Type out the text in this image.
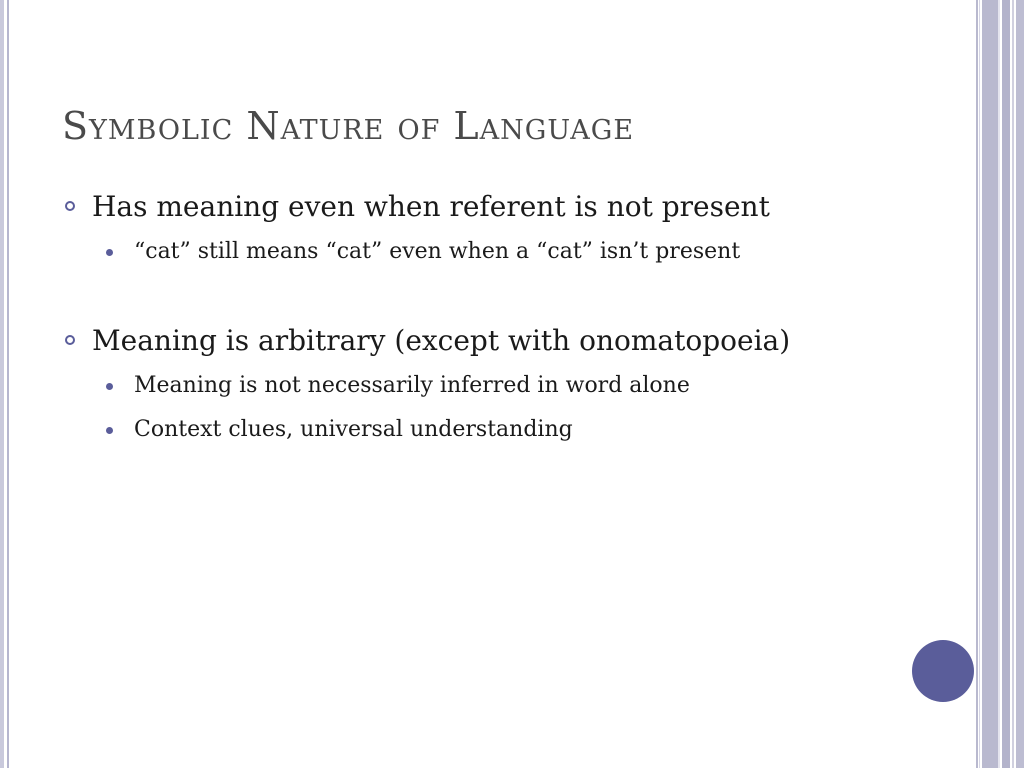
Symbolic Nature of Language
Has meaning even when referent is not present
“cat” still means “cat” even when a “cat” isn’t present
Meaning is arbitrary (except with onomatopoeia)
Meaning is not necessarily inferred in word alone
Context clues, universal understanding
